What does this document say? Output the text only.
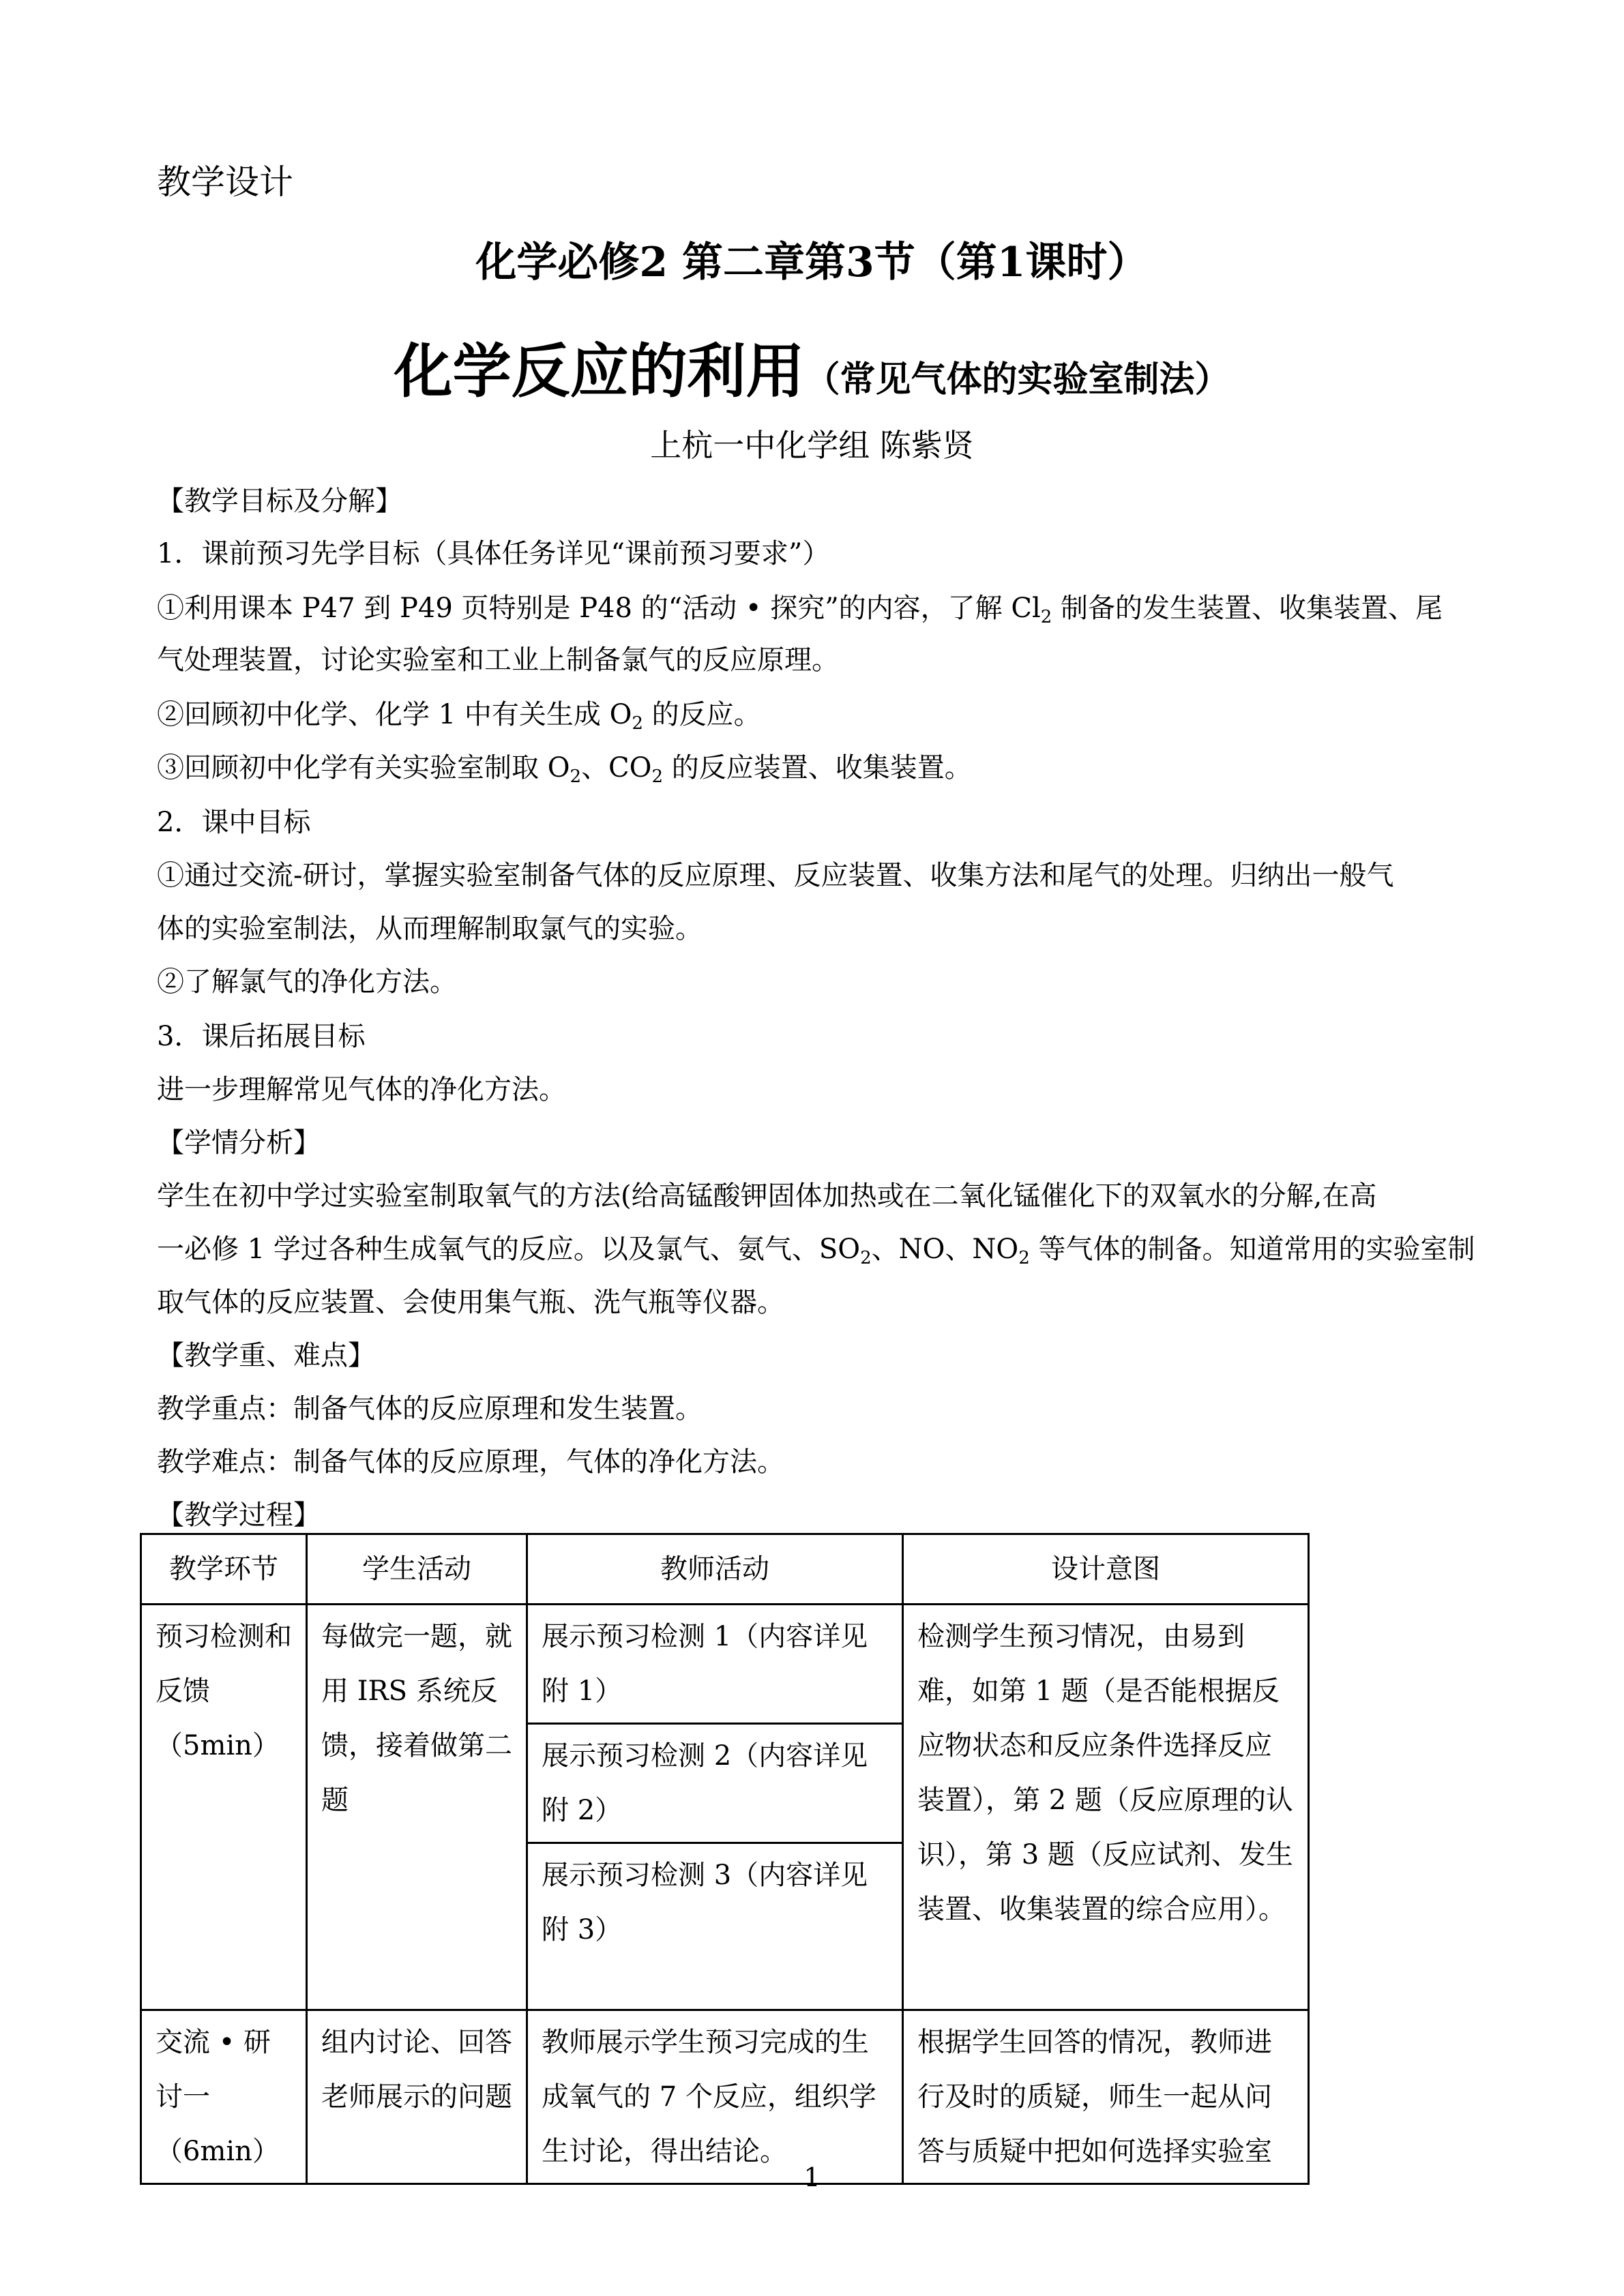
教学设计
化学必修2 第二章第3节（第1课时）
化学反应的利用（常见气体的实验室制法）
上杭一中化学组 陈紫贤
【教学目标及分解】
1．课前预习先学目标（具体任务详见“课前预习要求”）
①利用课本 P47 到 P49 页特别是 P48 的“活动 • 探究”的内容，了解 $Cl_2$ 制备的发生装置、收集装置、尾
气处理装置，讨论实验室和工业上制备氯气的反应原理。
②回顾初中化学、化学 1 中有关生成 $O_2$ 的反应。
③回顾初中化学有关实验室制取 $O_2$、$CO_2$ 的反应装置、收集装置。
2．课中目标
①通过交流-研讨，掌握实验室制备气体的反应原理、反应装置、收集方法和尾气的处理。归纳出一般气
体的实验室制法，从而理解制取氯气的实验。
②了解氯气的净化方法。
3．课后拓展目标
进一步理解常见气体的净化方法。
【学情分析】
学生在初中学过实验室制取氧气的方法(给高锰酸钾固体加热或在二氧化锰催化下的双氧水的分解,在高
一必修 1 学过各种生成氧气的反应。以及氯气、氨气、$SO_2$、NO、$NO_2$ 等气体的制备。知道常用的实验室制
取气体的反应装置、会使用集气瓶、洗气瓶等仪器。
【教学重、难点】
教学重点：制备气体的反应原理和发生装置。
教学难点：制备气体的反应原理，气体的净化方法。
【教学过程】
教学环节	学生活动	教师活动	设计意图
预习检测和反馈（5min）	每做完一题，就用 IRS 系统反馈，接着做第二题	展示预习检测 1（内容详见附 1）	检测学生预习情况，由易到难，如第 1 题（是否能根据反应物状态和反应条件选择反应装置），第 2 题（反应原理的认识），第 3 题（反应试剂、发生装置、收集装置的综合应用）。
		展示预习检测 2（内容详见附 2）	
		展示预习检测 3（内容详见附 3）	
交流 • 研讨一（6min）	组内讨论、回答老师展示的问题	教师展示学生预习完成的生成氧气的 7 个反应，组织学生讨论，得出结论。	根据学生回答的情况，教师进行及时的质疑，师生一起从问答与质疑中把如何选择实验室
1
